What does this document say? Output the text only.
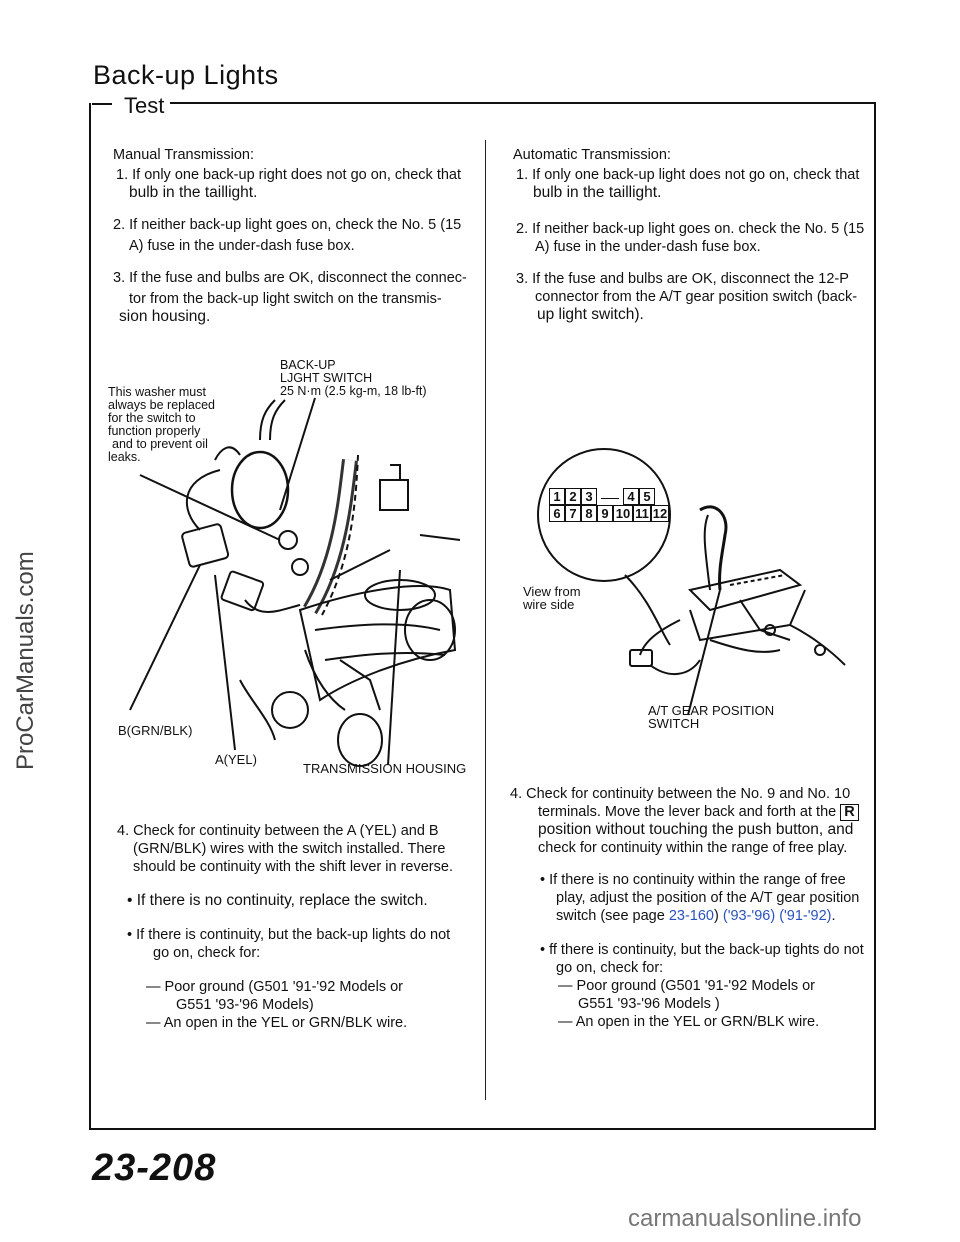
Back-up Lights
Test
Manual Transmission:
1. If only one back-up right does not go on, check that
bulb in the taillight.
2. If neither back-up light goes on, check the No. 5 (15
A) fuse in the under-dash fuse box.
3. If the fuse and bulbs are OK, disconnect the connec-
tor from the back-up light switch on the transmis-
sion housing.
BACK-UP
LJGHT SWITCH
25 N·m (2.5 kg-m, 18 lb-ft)
This washer must
always be replaced
for the switch to
function properly
and to prevent oil
leaks.
B(GRN/BLK)
A(YEL)
TRANSMISSION HOUSING
4. Check for continuity between the A (YEL) and B
(GRN/BLK) wires with the switch installed. There
should be continuity with the shift lever in reverse.
• If there is no continuity, replace the switch.
• If there is continuity, but the back-up lights do not
go on, check for:
— Poor ground (G501 '91-'92 Models or
G551 '93-'96 Models)
— An open in the YEL or GRN/BLK wire.
Automatic Transmission:
1. If only one back-up light does not go on, check that
bulb in the taillight.
2. If neither back-up light goes on. check the No. 5 (15
A) fuse in the under-dash fuse box.
3. If the fuse and bulbs are OK, disconnect the 12-P
connector from the A/T gear position switch (back-
up light switch).
1 2 3	4 5
6 7 8 9 10 11 12
View from
wire side
A/T GEAR POSITION
SWITCH
4. Check for continuity between the No. 9 and No. 10
terminals. Move the lever back and forth at the R
position without touching the push button, and
check for continuity within the range of free play.
• If there is no continuity within the range of free
play, adjust the position of the A/T gear position
switch (see page 23-160) ('93-'96) ('91-'92).
• ff there is continuity, but the back-up tights do not
go on, check for:
— Poor ground (G501 '91-'92 Models or
G551 '93-'96 Models )
— An open in the YEL or GRN/BLK wire.
23-208
ProCarManuals.com
carmanualsonline.info
